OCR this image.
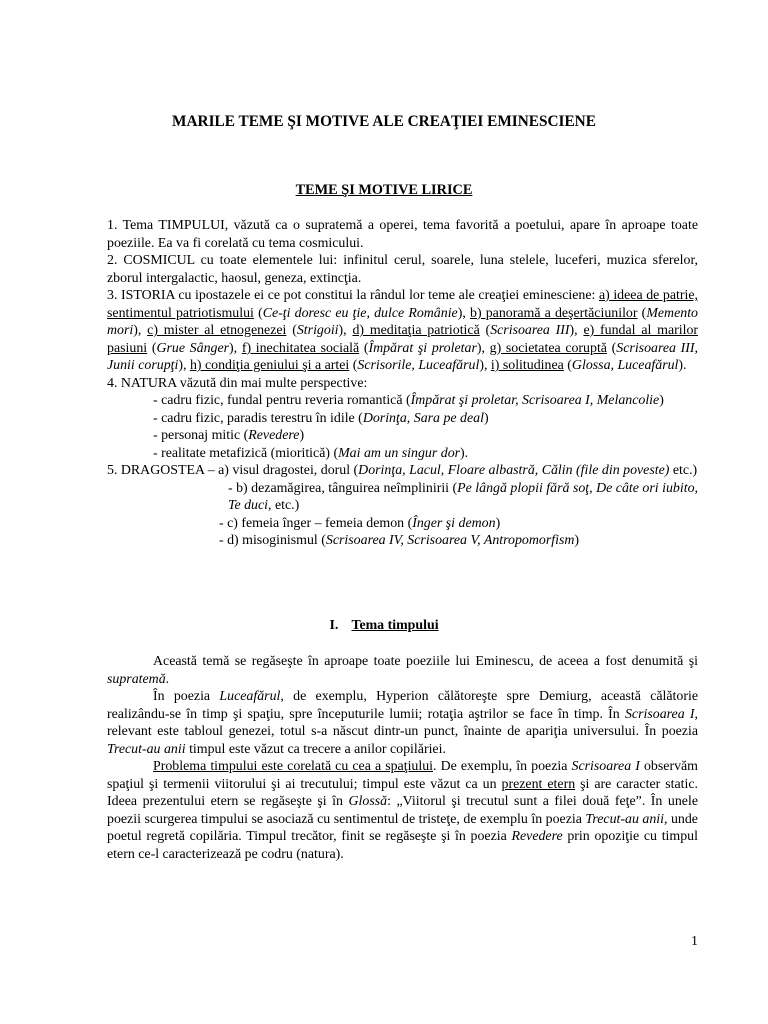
MARILE TEME ŞI MOTIVE ALE CREAŢIEI EMINESCIENE
TEME ŞI MOTIVE LIRICE

1. Tema TIMPULUI, văzută ca o supratemă a operei, tema favorită a poetului, apare în aproape toate poeziile. Ea va fi corelată cu tema cosmicului.

2. COSMICUL cu toate elementele lui: infinitul cerul, soarele, luna stelele, luceferi, muzica sferelor, zborul intergalactic, haosul, geneza, extincţia.

3. ISTORIA cu ipostazele ei ce pot constitui la rândul lor teme ale creaţiei eminesciene: a) ideea de patrie, sentimentul patriotismului (Ce-ţi doresc eu ţie, dulce Românie), b) panoramă a deşertăciunilor (Memento mori), c) mister al etnogenezei (Strigoii), d) meditaţia patriotică (Scrisoarea III), e) fundal al marilor pasiuni (Grue Sânger), f) inechitatea socială (Împărat şi proletar), g) societatea coruptă (Scrisoarea III, Junii corupţi), h) condiţia geniului şi a artei (Scrisorile, Luceafărul), i) solitudinea (Glossa, Luceafărul).

4. NATURA văzută din mai multe perspective:

- cadru fizic, fundal pentru reveria romantică (Împărat şi proletar, Scrisoarea I, Melancolie)

- cadru fizic, paradis terestru în idile (Dorinţa, Sara pe deal)

- personaj mitic (Revedere)

- realitate metafizică (mioritică) (Mai am un singur dor).

5. DRAGOSTEA – a) visul dragostei, dorul (Dorinţa, Lacul, Floare albastră, Călin (file din poveste) etc.)

- b) dezamăgirea, tânguirea neîmplinirii (Pe lângă plopii fără soţ, De câte ori iubito, Te duci, etc.)

- c) femeia înger – femeia demon (Înger şi demon)

- d) misoginismul (Scrisoarea IV, Scrisoarea V, Antropomorfism)

I. Tema timpului

Această temă se regăseşte în aproape toate poeziile lui Eminescu, de aceea a fost denumită şi supratemă.

În poezia Luceafărul, de exemplu, Hyperion călătoreşte spre Demiurg, această călătorie realizându-se în timp şi spaţiu, spre începuturile lumii; rotaţia aştrilor se face în timp. În Scrisoarea I, relevant este tabloul genezei, totul s-a născut dintr-un punct, înainte de apariţia universului. În poezia Trecut-au anii timpul este văzut ca trecere a anilor copilăriei.

Problema timpului este corelată cu cea a spaţiului. De exemplu, în poezia Scrisoarea I observăm spaţiul şi termenii viitorului şi ai trecutului; timpul este văzut ca un prezent etern şi are caracter static. Ideea prezentului etern se regăseşte şi în Glossă: „Viitorul şi trecutul sunt a filei două feţe”. În unele poezii scurgerea timpului se asociază cu sentimentul de tristeţe, de exemplu în poezia Trecut-au anii, unde poetul regretă copilăria. Timpul trecător, finit se regăseşte şi în poezia Revedere prin opoziţie cu timpul etern ce-l caracterizează pe codru (natura).

1
